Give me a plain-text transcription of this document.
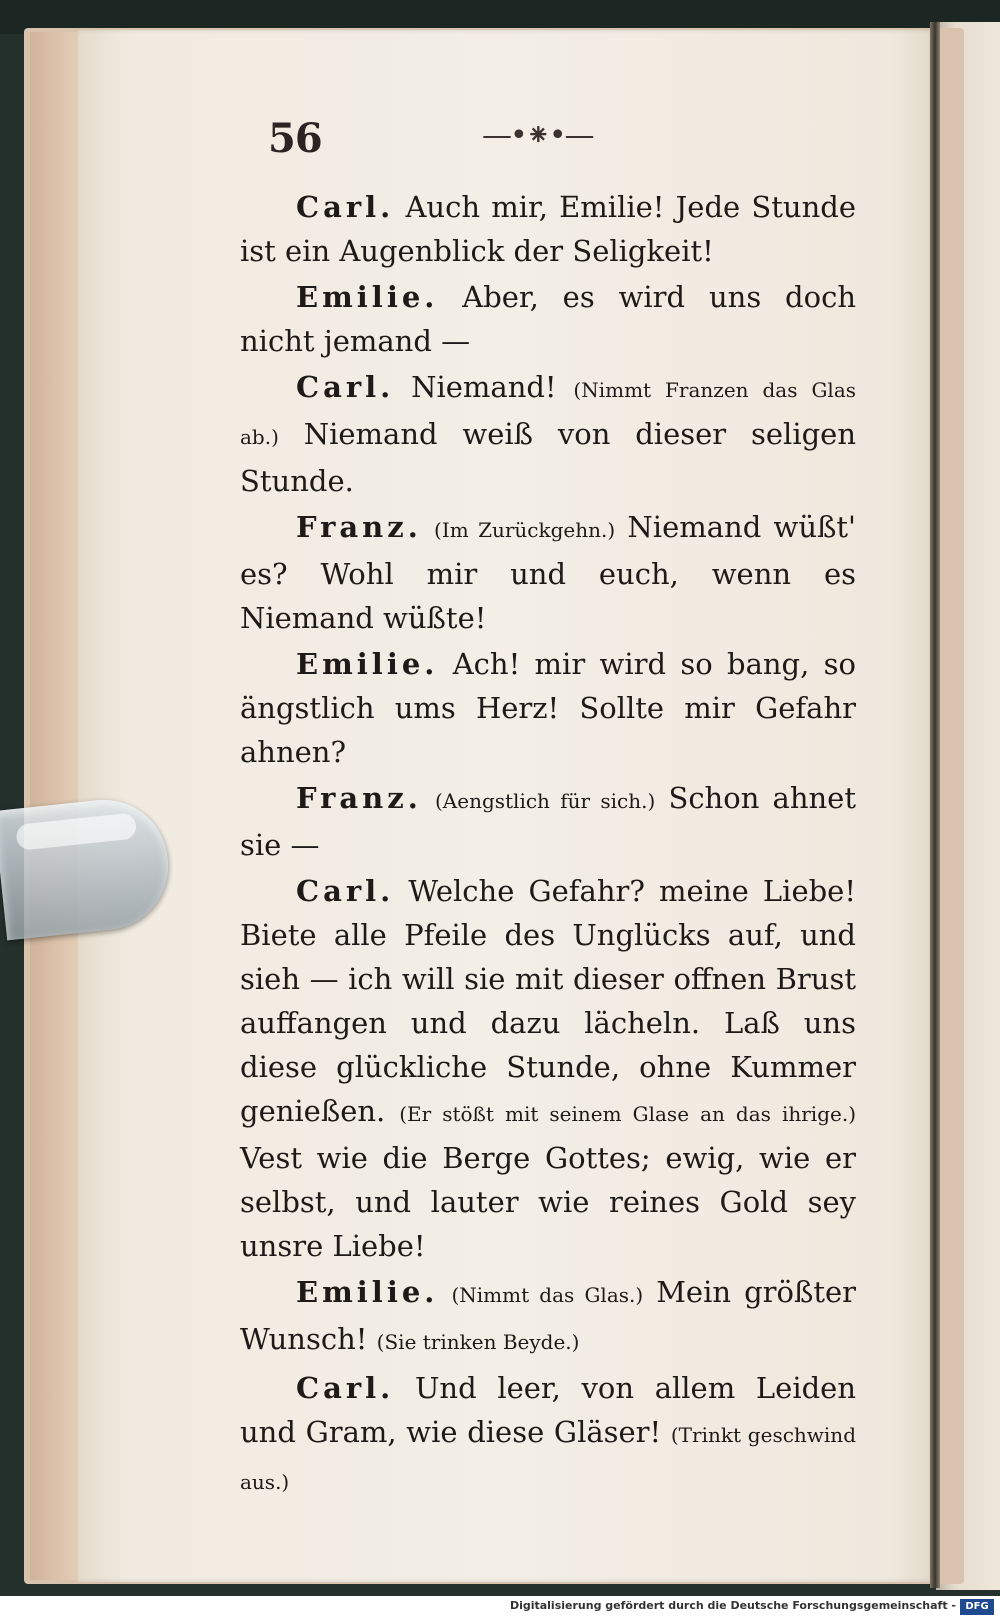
56	—•⁕•—

Carl. Auch mir, Emilie! Jede Stunde ist ein Augenblick der Seligkeit!

Emilie. Aber, es wird uns doch nicht jemand —

Carl. Niemand! (Nimmt Franzen das Glas ab.) Niemand weiß von dieser seligen Stunde.

Franz. (Im Zurückgehn.) Niemand wüßt' es? Wohl mir und euch, wenn es Niemand wüßte!

Emilie. Ach! mir wird so bang, so ängstlich ums Herz! Sollte mir Gefahr ahnen?

Franz. (Aengstlich für sich.) Schon ahnet sie —

Carl. Welche Gefahr? meine Liebe! Biete alle Pfeile des Unglücks auf, und sieh — ich will sie mit dieser offnen Brust auffangen und dazu lächeln. Laß uns diese glückliche Stunde, ohne Kummer genießen. (Er stößt mit seinem Glase an das ihrige.) Vest wie die Berge Gottes; ewig, wie er selbst, und lauter wie reines Gold sey unsre Liebe!

Emilie. (Nimmt das Glas.) Mein größter Wunsch! (Sie trinken Beyde.)

Carl. Und leer, von allem Leiden und Gram, wie diese Gläser! (Trinkt geschwind aus.)

Digitalisierung gefördert durch die Deutsche Forschungsgemeinschaft - DFG
